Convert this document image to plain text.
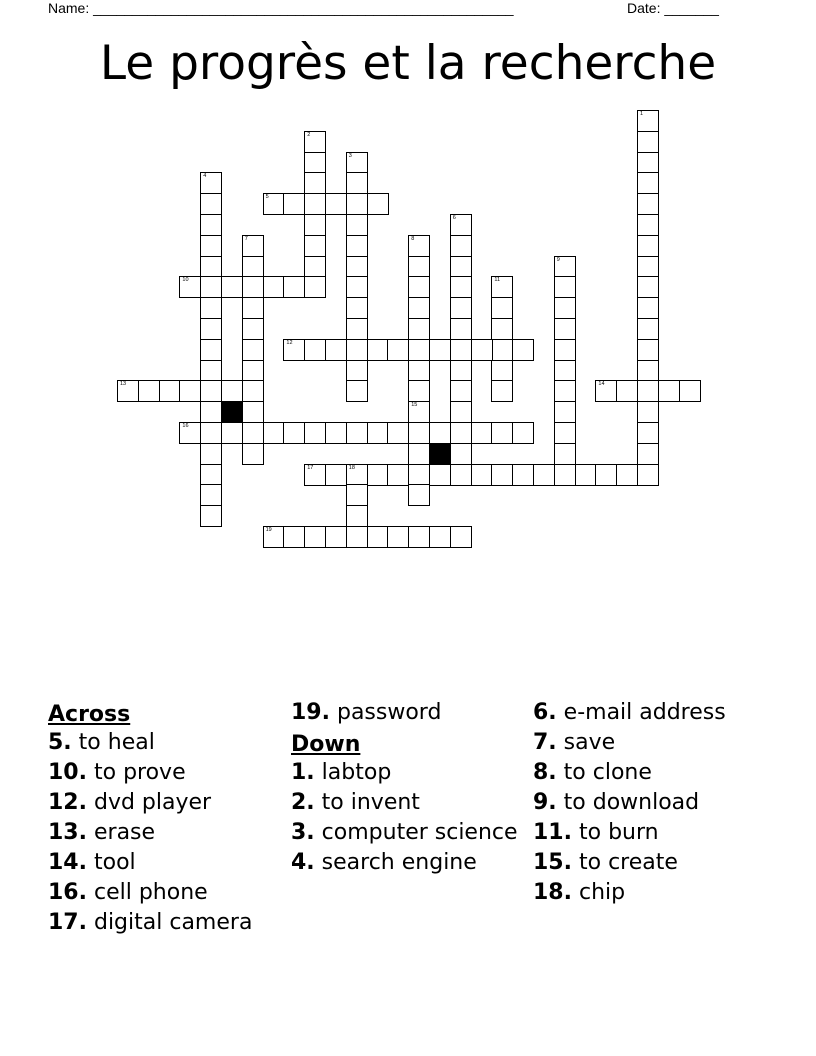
Name: ______________________________________________________	Date: _______
Le progrès et la recherche
1
2
3
4
5
6
7	8
15
9
10	11
12
13	14
16
17	18
19
Across
5. to heal
10. to prove
12. dvd player
13. erase
14. tool
16. cell phone
17. digital camera
19. password
Down
1. labtop
2. to invent
3. computer science
4. search engine
6. e-mail address
7. save
8. to clone
9. to download
11. to burn
15. to create
18. chip
